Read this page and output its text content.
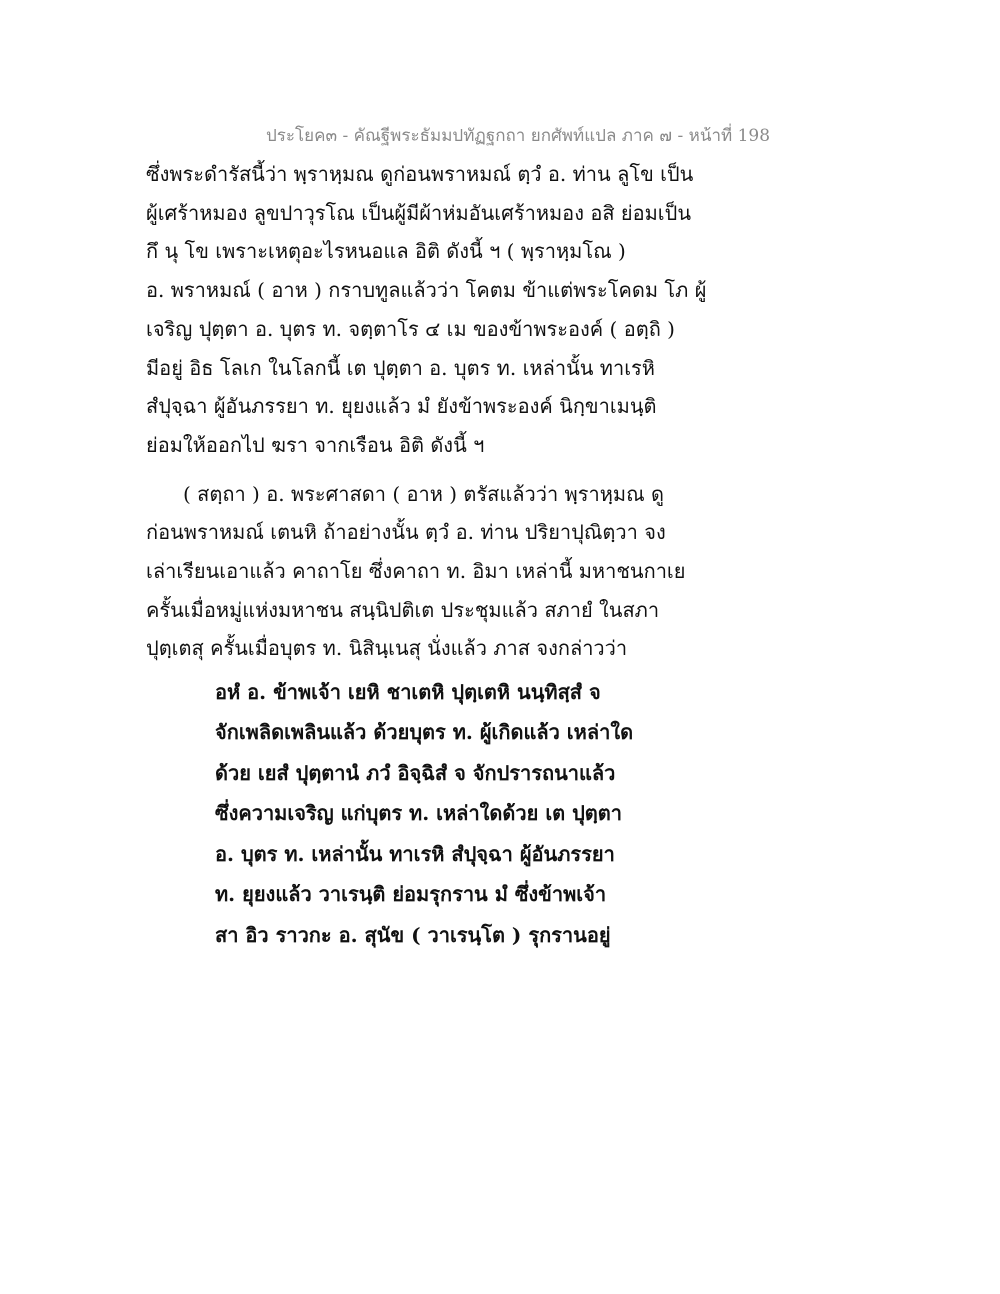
ประโยค๓ - คัณฐีพระธัมมปทัฏฐกถา ยกศัพท์แปล ภาค ๗ - หน้าที่ 198
ซึ่งพระดำรัสนี้ว่า พฺราหฺมณ ดูก่อนพราหมณ์ ตฺวํ อ. ท่าน ลูโข เป็น
ผู้เศร้าหมอง ลูขปาวุรโณ เป็นผู้มีผ้าห่มอันเศร้าหมอง อสิ ย่อมเป็น
กึ นุ โข เพราะเหตุอะไรหนอแล อิติ ดังนี้ ฯ ( พฺราหฺมโณ )
อ. พราหมณ์ ( อาห ) กราบทูลแล้วว่า โคตม ข้าแต่พระโคดม โภ ผู้
เจริญ ปุตฺตา อ. บุตร ท. จตฺตาโร ๔ เม ของข้าพระองค์ ( อตฺถิ )
มีอยู่ อิธ โลเก ในโลกนี้ เต ปุตฺตา อ. บุตร ท. เหล่านั้น ทาเรหิ
สํปุจฺฉา ผู้อันภรรยา ท. ยุยงแล้ว มํ ยังข้าพระองค์ นิกฺขาเมนฺติ
ย่อมให้ออกไป ฆรา จากเรือน อิติ ดังนี้ ฯ
( สตฺถา ) อ. พระศาสดา ( อาห ) ตรัสแล้วว่า พฺราหฺมณ ดู
ก่อนพราหมณ์ เตนหิ ถ้าอย่างนั้น ตฺวํ อ. ท่าน ปริยาปุณิตฺวา จง
เล่าเรียนเอาแล้ว คาถาโย ซึ่งคาถา ท. อิมา เหล่านี้ มหาชนกาเย
ครั้นเมื่อหมู่แห่งมหาชน สนฺนิปติเต ประชุมแล้ว สภายํ ในสภา
ปุตฺเตสุ ครั้นเมื่อบุตร ท. นิสินฺเนสุ นั่งแล้ว ภาส จงกล่าวว่า
อหํ อ. ข้าพเจ้า เยหิ ชาเตหิ ปุตฺเตหิ นนฺทิสฺสํ จ
จักเพลิดเพลินแล้ว ด้วยบุตร ท. ผู้เกิดแล้ว เหล่าใด
ด้วย เยสํ ปุตฺตานํ ภวํ อิจฺฉิสํ จ จักปรารถนาแล้ว
ซึ่งความเจริญ แก่บุตร ท. เหล่าใดด้วย เต ปุตฺตา
อ. บุตร ท. เหล่านั้น ทาเรหิ สํปุจฺฉา ผู้อันภรรยา
ท. ยุยงแล้ว วาเรนฺติ ย่อมรุกราน มํ ซึ่งข้าพเจ้า
สา อิว ราวกะ อ. สุนัข ( วาเรนฺโต ) รุกรานอยู่
